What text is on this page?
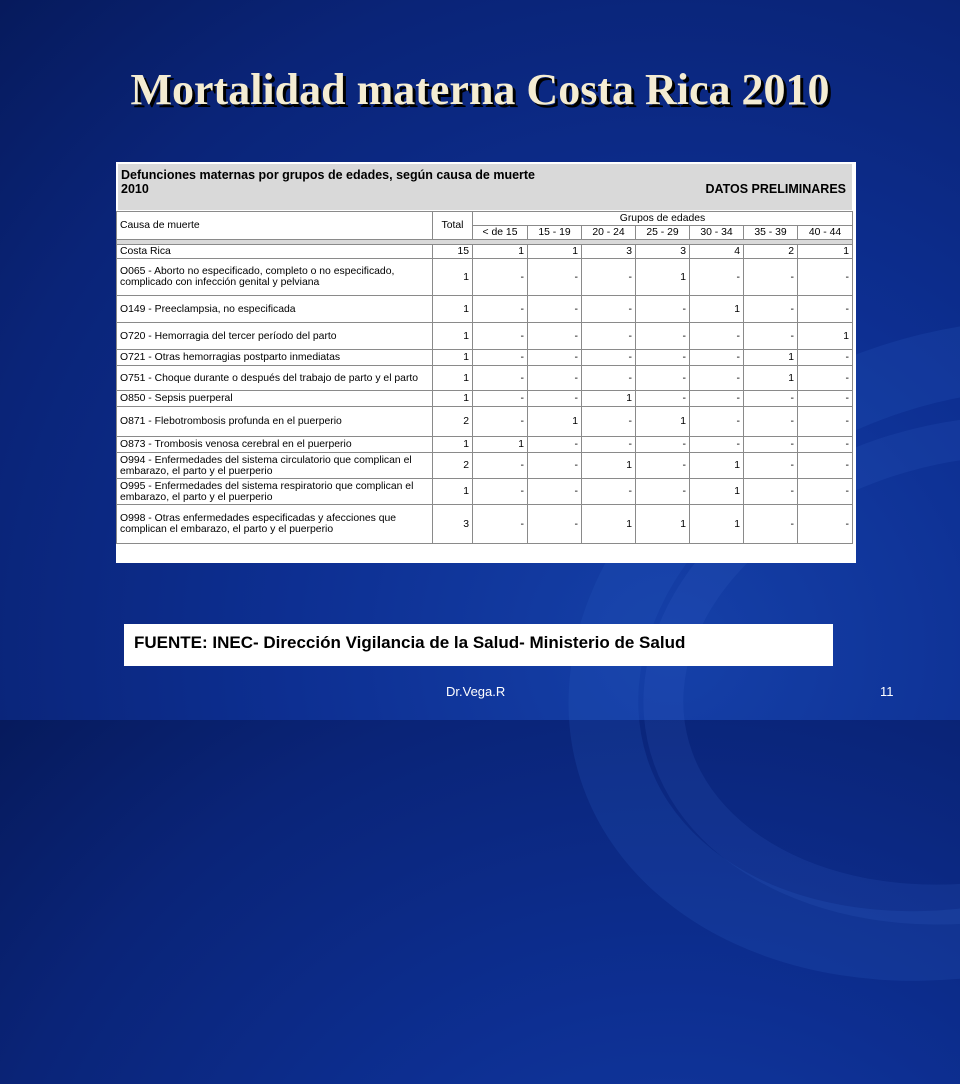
Mortalidad materna Costa Rica 2010
Defunciones maternas por grupos de edades, según causa de muerte
2010	DATOS PRELIMINARES
Causa de muerte	Total	Grupos de edades						
		< de 15	15 - 19	20 - 24	25 - 29	30 - 34	35 - 39	40 - 44

Costa Rica	15	1	1	3	3	4	2	1
O065 - Aborto no especificado, completo o no especificado, complicado con infección genital y pelviana	1	-	-	-	1	-	-	-
O149 - Preeclampsia, no especificada	1	-	-	-	-	1	-	-
O720 - Hemorragia del tercer período del parto	1	-	-	-	-	-	-	1
O721 - Otras hemorragias postparto inmediatas	1	-	-	-	-	-	1	-
O751 - Choque durante o después del trabajo de parto y el parto	1	-	-	-	-	-	1	-
O850 - Sepsis puerperal	1	-	-	1	-	-	-	-
O871 - Flebotrombosis profunda en el puerperio	2	-	1	-	1	-	-	-
O873 - Trombosis venosa cerebral en el puerperio	1	1	-	-	-	-	-	-
O994 - Enfermedades del sistema circulatorio que complican el embarazo, el parto y el puerperio	2	-	-	1	-	1	-	-
O995 - Enfermedades del sistema respiratorio que complican el embarazo, el parto y el puerperio	1	-	-	-	-	1	-	-
O998 - Otras enfermedades especificadas y afecciones que complican el embarazo, el parto y el puerperio	3	-	-	1	1	1	-	-
FUENTE: INEC- Dirección Vigilancia de la Salud- Ministerio de Salud
Dr.Vega.R	11
